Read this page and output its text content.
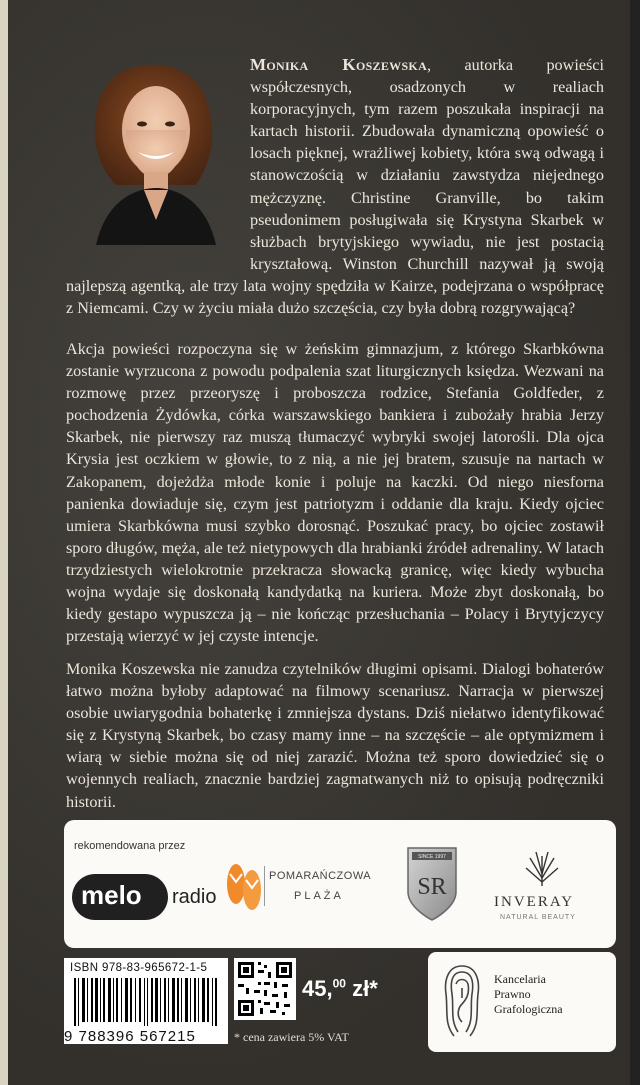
Monika Koszewska, autorka powieści współczesnych, osadzonych w realiach korporacyjnych, tym razem poszukała inspiracji na kartach historii. Zbudowała dynamiczną opowieść o losach pięknej, wrażliwej kobiety, która swą odwagą i stanowczością w działaniu zawstydza niejednego mężczyznę. Christine Granville, bo takim pseudonimem posługiwała się Krystyna Skarbek w służbach brytyjskiego wywiadu, nie jest postacią kryształową. Winston Churchill nazywał ją swoją najlepszą agentką, ale trzy lata wojny spędziła w Kairze, podejrzana o współpracę z Niemcami. Czy w życiu miała dużo szczęścia, czy była dobrą rozgrywającą?
Akcja powieści rozpoczyna się w żeńskim gimnazjum, z którego Skarbkówna zostanie wyrzucona z powodu podpalenia szat liturgicznych księdza. Wezwani na rozmowę przez przeoryszę i proboszcza rodzice, Stefania Goldfeder, z pochodzenia Żydówka, córka warszawskiego bankiera i zubożały hrabia Jerzy Skarbek, nie pierwszy raz muszą tłumaczyć wybryki swojej latorośli. Dla ojca Krysia jest oczkiem w głowie, to z nią, a nie jej bratem, szusuje na nartach w Zakopanem, dojeżdża młode konie i poluje na kaczki. Od niego niesforna panienka dowiaduje się, czym jest patriotyzm i oddanie dla kraju. Kiedy ojciec umiera Skarbkówna musi szybko dorosnąć. Poszukać pracy, bo ojciec zostawił sporo długów, męża, ale też nietypowych dla hrabianki źródeł adrenaliny. W latach trzydziestych wielokrotnie przekracza słowacką granicę, więc kiedy wybucha wojna wydaje się doskonałą kandydatką na kuriera. Może zbyt doskonałą, bo kiedy gestapo wypuszcza ją – nie kończąc przesłuchania – Polacy i Brytyjczycy przestają wierzyć w jej czyste intencje.
Monika Koszewska nie zanudza czytelników długimi opisami. Dialogi bohaterów łatwo można byłoby adaptować na filmowy scenariusz. Narracja w pierwszej osobie uwiarygodnia bohaterkę i zmniejsza dystans. Dziś niełatwo identyfikować się z Krystyną Skarbek, bo czasy mamy inne – na szczęście – ale optymizmem i wiarą w siebie można się od niej zarazić. Można też sporo dowiedzieć się o wojennych realiach, znacznie bardziej zagmatwanych niż to opisują podręczniki historii.
rekomendowana przez
melo radio
POMARAŃCZOWA
PLAŻA
SINCE 1997
SR
INVERAY
NATURAL BEAUTY
ISBN 978-83-965672-1-5
9 788396 567215
45,00 zł*
* cena zawiera 5% VAT
Kancelaria
Prawno
Grafologiczna
